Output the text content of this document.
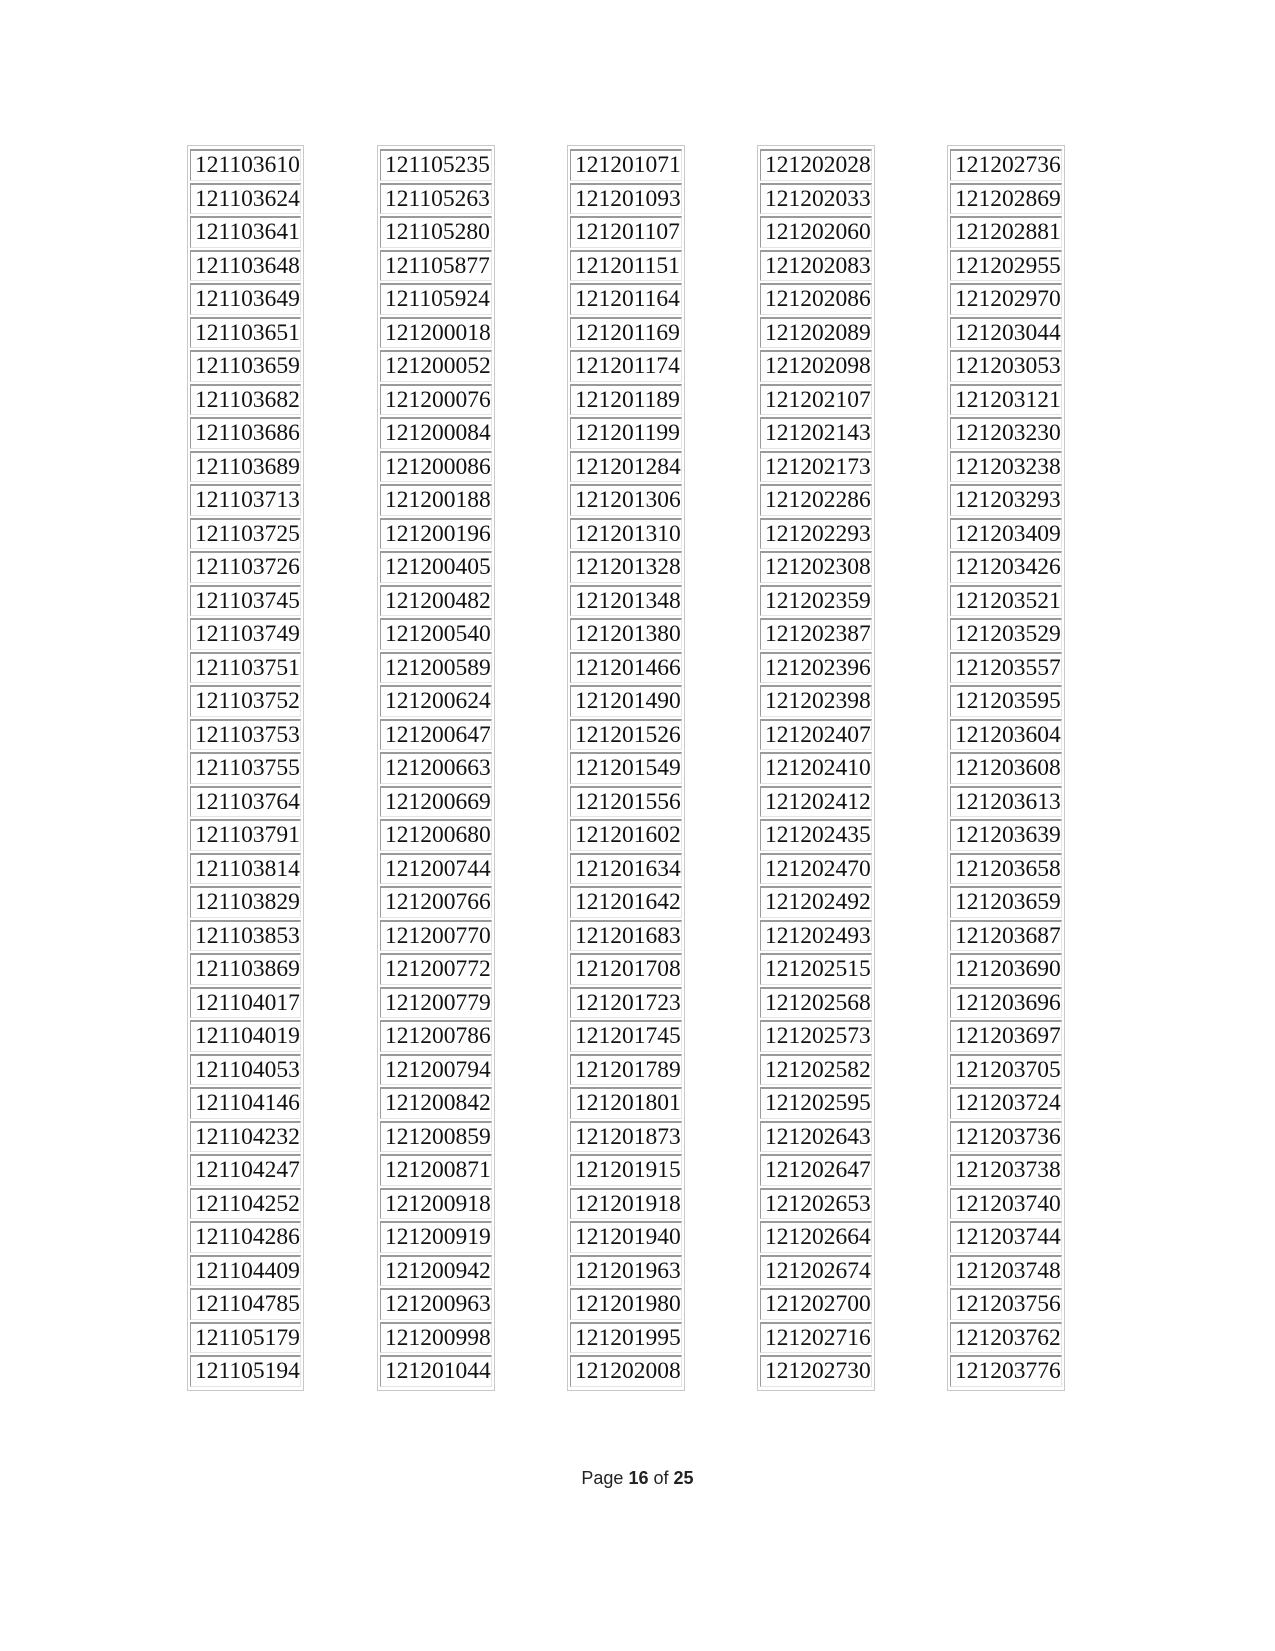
121103610
121103624
121103641
121103648
121103649
121103651
121103659
121103682
121103686
121103689
121103713
121103725
121103726
121103745
121103749
121103751
121103752
121103753
121103755
121103764
121103791
121103814
121103829
121103853
121103869
121104017
121104019
121104053
121104146
121104232
121104247
121104252
121104286
121104409
121104785
121105179
121105194
121105235
121105263
121105280
121105877
121105924
121200018
121200052
121200076
121200084
121200086
121200188
121200196
121200405
121200482
121200540
121200589
121200624
121200647
121200663
121200669
121200680
121200744
121200766
121200770
121200772
121200779
121200786
121200794
121200842
121200859
121200871
121200918
121200919
121200942
121200963
121200998
121201044
121201071
121201093
121201107
121201151
121201164
121201169
121201174
121201189
121201199
121201284
121201306
121201310
121201328
121201348
121201380
121201466
121201490
121201526
121201549
121201556
121201602
121201634
121201642
121201683
121201708
121201723
121201745
121201789
121201801
121201873
121201915
121201918
121201940
121201963
121201980
121201995
121202008
121202028
121202033
121202060
121202083
121202086
121202089
121202098
121202107
121202143
121202173
121202286
121202293
121202308
121202359
121202387
121202396
121202398
121202407
121202410
121202412
121202435
121202470
121202492
121202493
121202515
121202568
121202573
121202582
121202595
121202643
121202647
121202653
121202664
121202674
121202700
121202716
121202730
121202736
121202869
121202881
121202955
121202970
121203044
121203053
121203121
121203230
121203238
121203293
121203409
121203426
121203521
121203529
121203557
121203595
121203604
121203608
121203613
121203639
121203658
121203659
121203687
121203690
121203696
121203697
121203705
121203724
121203736
121203738
121203740
121203744
121203748
121203756
121203762
121203776
Page 16 of 25
